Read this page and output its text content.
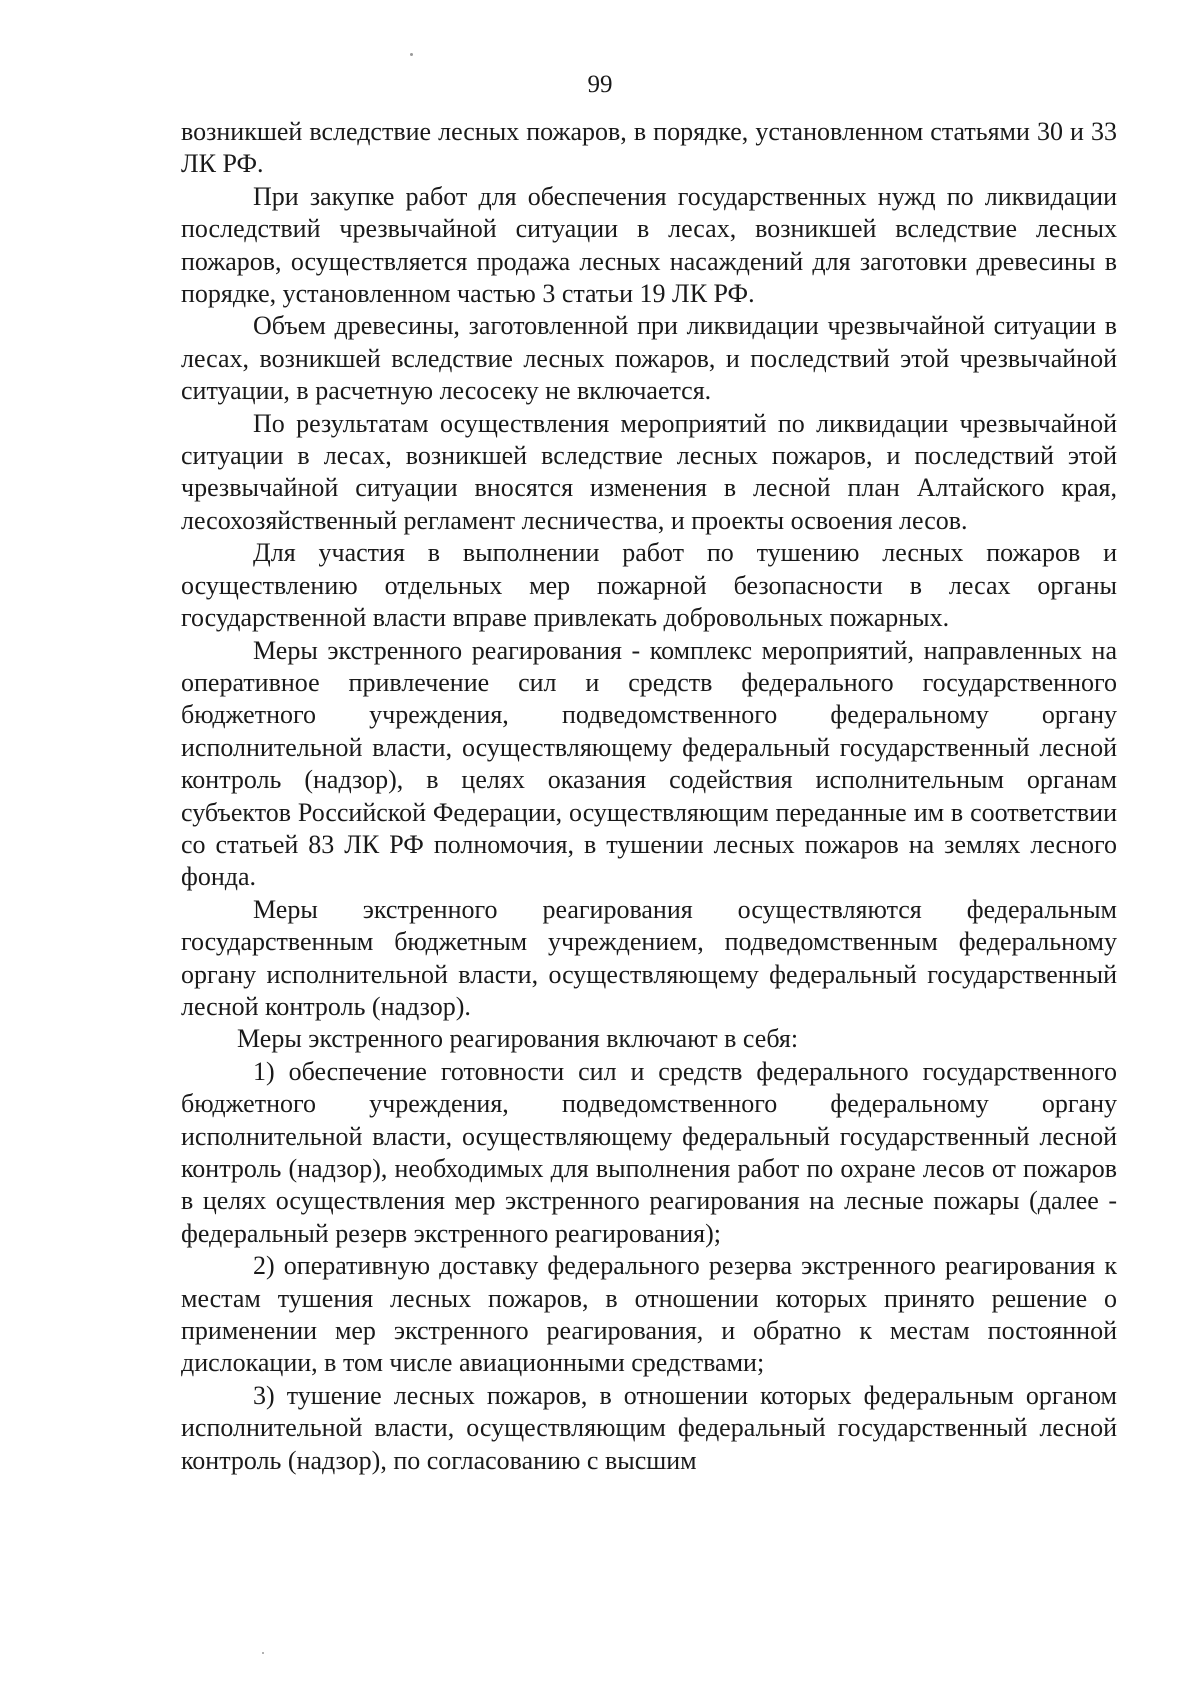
99

возникшей вследствие лесных пожаров, в порядке, установленном статьями 30 и 33 ЛК РФ.

При закупке работ для обеспечения государственных нужд по ликвидации последствий чрезвычайной ситуации в лесах, возникшей вследствие лесных пожаров, осуществляется продажа лесных насаждений для заготовки древесины в порядке, установленном частью 3 статьи 19 ЛК РФ.

Объем древесины, заготовленной при ликвидации чрезвычайной ситуации в лесах, возникшей вследствие лесных пожаров, и последствий этой чрезвычайной ситуации, в расчетную лесосеку не включается.

По результатам осуществления мероприятий по ликвидации чрезвычайной ситуации в лесах, возникшей вследствие лесных пожаров, и последствий этой чрезвычайной ситуации вносятся изменения в лесной план Алтайского края, лесохозяйственный регламент лесничества, и проекты освоения лесов.

Для участия в выполнении работ по тушению лесных пожаров и осуществлению отдельных мер пожарной безопасности в лесах органы государственной власти вправе привлекать добровольных пожарных.

Меры экстренного реагирования - комплекс мероприятий, направленных на оперативное привлечение сил и средств федерального государственного бюджетного учреждения, подведомственного федеральному органу исполнительной власти, осуществляющему федеральный государственный лесной контроль (надзор), в целях оказания содействия исполнительным органам субъектов Российской Федерации, осуществляющим переданные им в соответствии со статьей 83 ЛК РФ полномочия, в тушении лесных пожаров на землях лесного фонда.

Меры экстренного реагирования осуществляются федеральным государственным бюджетным учреждением, подведомственным федеральному органу исполнительной власти, осуществляющему федеральный государственный лесной контроль (надзор).

Меры экстренного реагирования включают в себя:

1) обеспечение готовности сил и средств федерального государственного бюджетного учреждения, подведомственного федеральному органу исполнительной власти, осуществляющему федеральный государственный лесной контроль (надзор), необходимых для выполнения работ по охране лесов от пожаров в целях осуществления мер экстренного реагирования на лесные пожары (далее - федеральный резерв экстренного реагирования);

2) оперативную доставку федерального резерва экстренного реагирования к местам тушения лесных пожаров, в отношении которых принято решение о применении мер экстренного реагирования, и обратно к местам постоянной дислокации, в том числе авиационными средствами;

3) тушение лесных пожаров, в отношении которых федеральным органом исполнительной власти, осуществляющим федеральный государственный лесной контроль (надзор), по согласованию с высшим
